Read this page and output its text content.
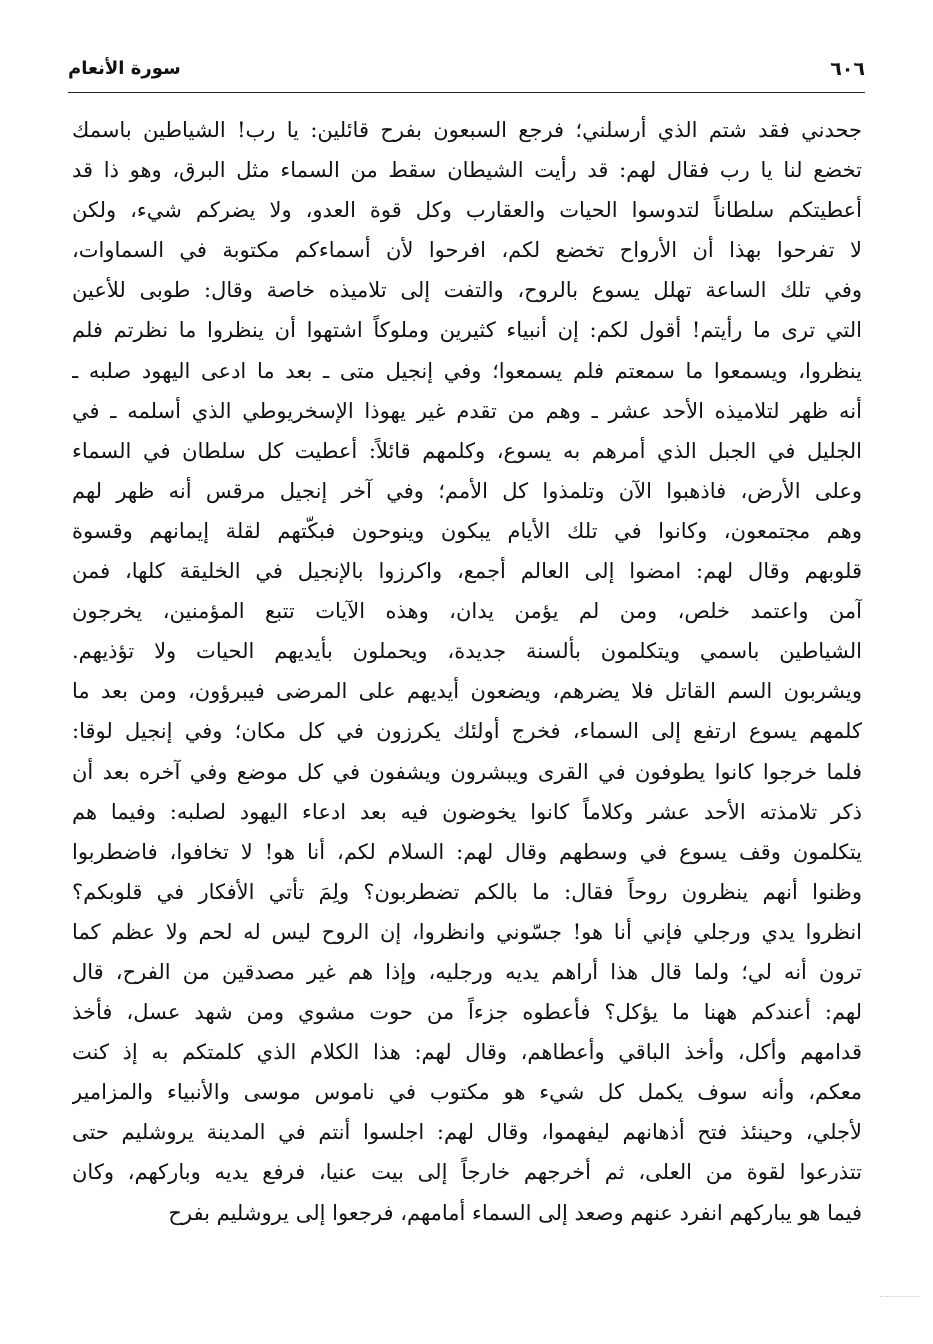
سورة الأنعام	٦٠٦
جحدني فقد شتم الذي أرسلني؛ فرجع السبعون بفرح قائلين: يا رب! الشياطين باسمك
تخضع لنا يا رب فقال لهم: قد رأيت الشيطان سقط من السماء مثل البرق، وهو ذا قد
أعطيتكم سلطاناً لتدوسوا الحيات والعقارب وكل قوة العدو، ولا يضركم شيء، ولكن
لا تفرحوا بهذا أن الأرواح تخضع لكم، افرحوا لأن أسماءكم مكتوبة في السماوات،
وفي تلك الساعة تهلل يسوع بالروح، والتفت إلى تلاميذه خاصة وقال: طوبى للأعين
التي ترى ما رأيتم! أقول لكم: إن أنبياء كثيرين وملوكاً اشتهوا أن ينظروا ما نظرتم فلم
ينظروا، ويسمعوا ما سمعتم فلم يسمعوا؛ وفي إنجيل متى ـ بعد ما ادعى اليهود صلبه ـ
أنه ظهر لتلاميذه الأحد عشر ـ وهم من تقدم غير يهوذا الإسخريوطي الذي أسلمه ـ في
الجليل في الجبل الذي أمرهم به يسوع، وكلمهم قائلاً: أعطيت كل سلطان في السماء
وعلى الأرض، فاذهبوا الآن وتلمذوا كل الأمم؛ وفي آخر إنجيل مرقس أنه ظهر لهم
وهم مجتمعون، وكانوا في تلك الأيام يبكون وينوحون فبكّتهم لقلة إيمانهم وقسوة
قلوبهم وقال لهم: امضوا إلى العالم أجمع، واكرزوا بالإنجيل في الخليقة كلها، فمن
آمن واعتمد خلص، ومن لم يؤمن يدان، وهذه الآيات تتبع المؤمنين، يخرجون
الشياطين باسمي ويتكلمون بألسنة جديدة، ويحملون بأيديهم الحيات ولا تؤذيهم.
ويشربون السم القاتل فلا يضرهم، ويضعون أيديهم على المرضى فيبرؤون، ومن بعد ما
كلمهم يسوع ارتفع إلى السماء، فخرج أولئك يكرزون في كل مكان؛ وفي إنجيل لوقا:
فلما خرجوا كانوا يطوفون في القرى ويبشرون ويشفون في كل موضع وفي آخره بعد أن
ذكر تلامذته الأحد عشر وكلاماً كانوا يخوضون فيه بعد ادعاء اليهود لصلبه: وفيما هم
يتكلمون وقف يسوع في وسطهم وقال لهم: السلام لكم، أنا هو! لا تخافوا، فاضطربوا
وظنوا أنهم ينظرون روحاً فقال: ما بالكم تضطربون؟ ولِمَ تأتي الأفكار في قلوبكم؟
انظروا يدي ورجلي فإني أنا هو! جسّوني وانظروا، إن الروح ليس له لحم ولا عظم كما
ترون أنه لي؛ ولما قال هذا أراهم يديه ورجليه، وإذا هم غير مصدقين من الفرح، قال
لهم: أعندكم ههنا ما يؤكل؟ فأعطوه جزءاً من حوت مشوي ومن شهد عسل، فأخذ
قدامهم وأكل، وأخذ الباقي وأعطاهم، وقال لهم: هذا الكلام الذي كلمتكم به إذ كنت
معكم، وأنه سوف يكمل كل شيء هو مكتوب في ناموس موسى والأنبياء والمزامير
لأجلي، وحينئذ فتح أذهانهم ليفهموا، وقال لهم: اجلسوا أنتم في المدينة يروشليم حتى
تتذرعوا لقوة من العلى، ثم أخرجهم خارجاً إلى بيت عنيا، فرفع يديه وباركهم، وكان
فيما هو يباركهم انفرد عنهم وصعد إلى السماء أمامهم، فرجعوا إلى يروشليم بفرح
